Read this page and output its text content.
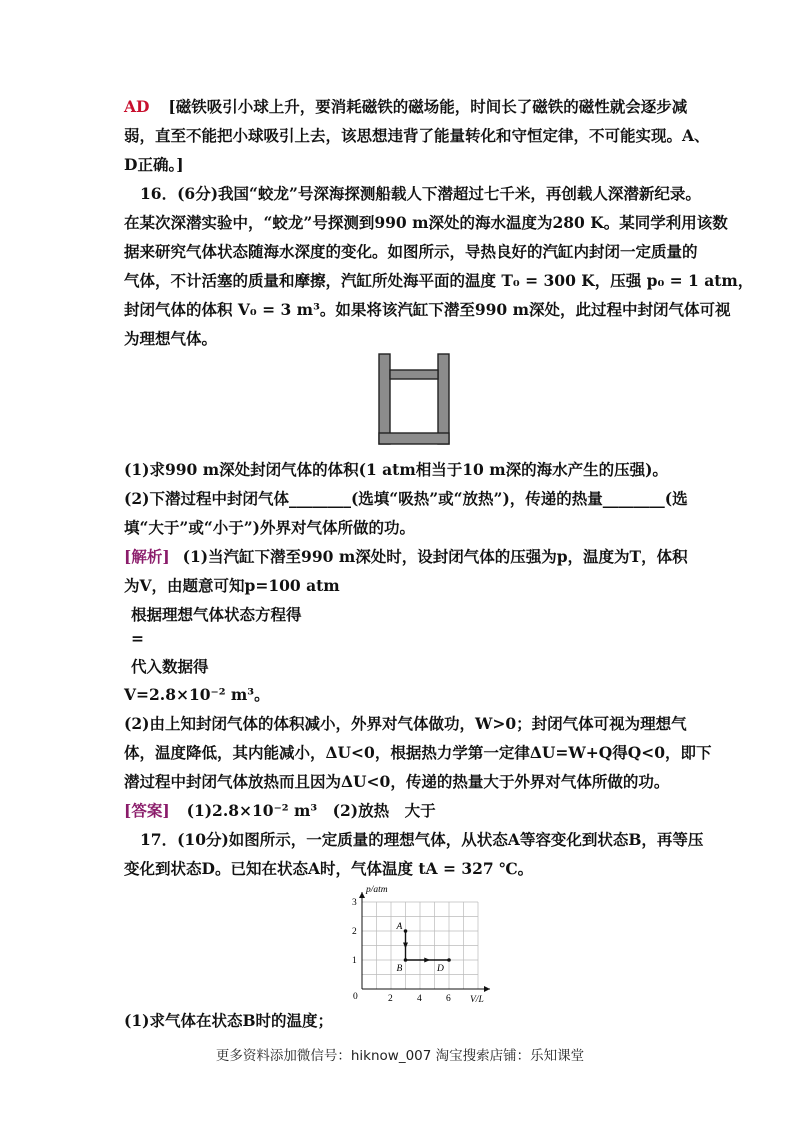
AD [磁铁吸引小球上升，要消耗磁铁的磁场能，时间长了磁铁的磁性就会逐步减
弱，直至不能把小球吸引上去，该思想违背了能量转化和守恒定律，不可能实现。A、
D正确。]
16．(6分)我国“蛟龙”号深海探测船载人下潜超过七千米，再创载人深潜新纪录。
在某次深潜实验中，“蛟龙”号探测到990 m深处的海水温度为280 K。某同学利用该数
据来研究气体状态随海水深度的变化。如图所示，导热良好的汽缸内封闭一定质量的
气体，不计活塞的质量和摩擦，汽缸所处海平面的温度 T₀ = 300 K，压强 p₀ = 1 atm，
封闭气体的体积 V₀ = 3 m³。如果将该汽缸下潜至990 m深处，此过程中封闭气体可视
为理想气体。
(1)求990 m深处封闭气体的体积(1 atm相当于10 m深的海水产生的压强)。
(2)下潜过程中封闭气体________(选填“吸热”或“放热”)，传递的热量________(选
填“大于”或“小于”)外界对气体所做的功。
[解析] (1)当汽缸下潜至990 m深处时，设封闭气体的压强为p，温度为T，体积
为V，由题意可知p=100 atm
根据理想气体状态方程得
=
代入数据得
V=2.8×10⁻² m³。
(2)由上知封闭气体的体积减小，外界对气体做功，W>0；封闭气体可视为理想气
体，温度降低，其内能减小，ΔU<0，根据热力学第一定律ΔU=W+Q得Q<0，即下
潜过程中封闭气体放热而且因为ΔU<0，传递的热量大于外界对气体所做的功。
[答案] (1)2.8×10⁻² m³　(2)放热　大于
17．(10分)如图所示，一定质量的理想气体，从状态A等容变化到状态B，再等压
变化到状态D。已知在状态A时，气体温度 tA = 327 ℃。
p/atm
V/L
0	2	4	6
1
2
3
A
B	D
(1)求气体在状态B时的温度；
更多资料添加微信号：hiknow_007 淘宝搜索店铺：乐知课堂
